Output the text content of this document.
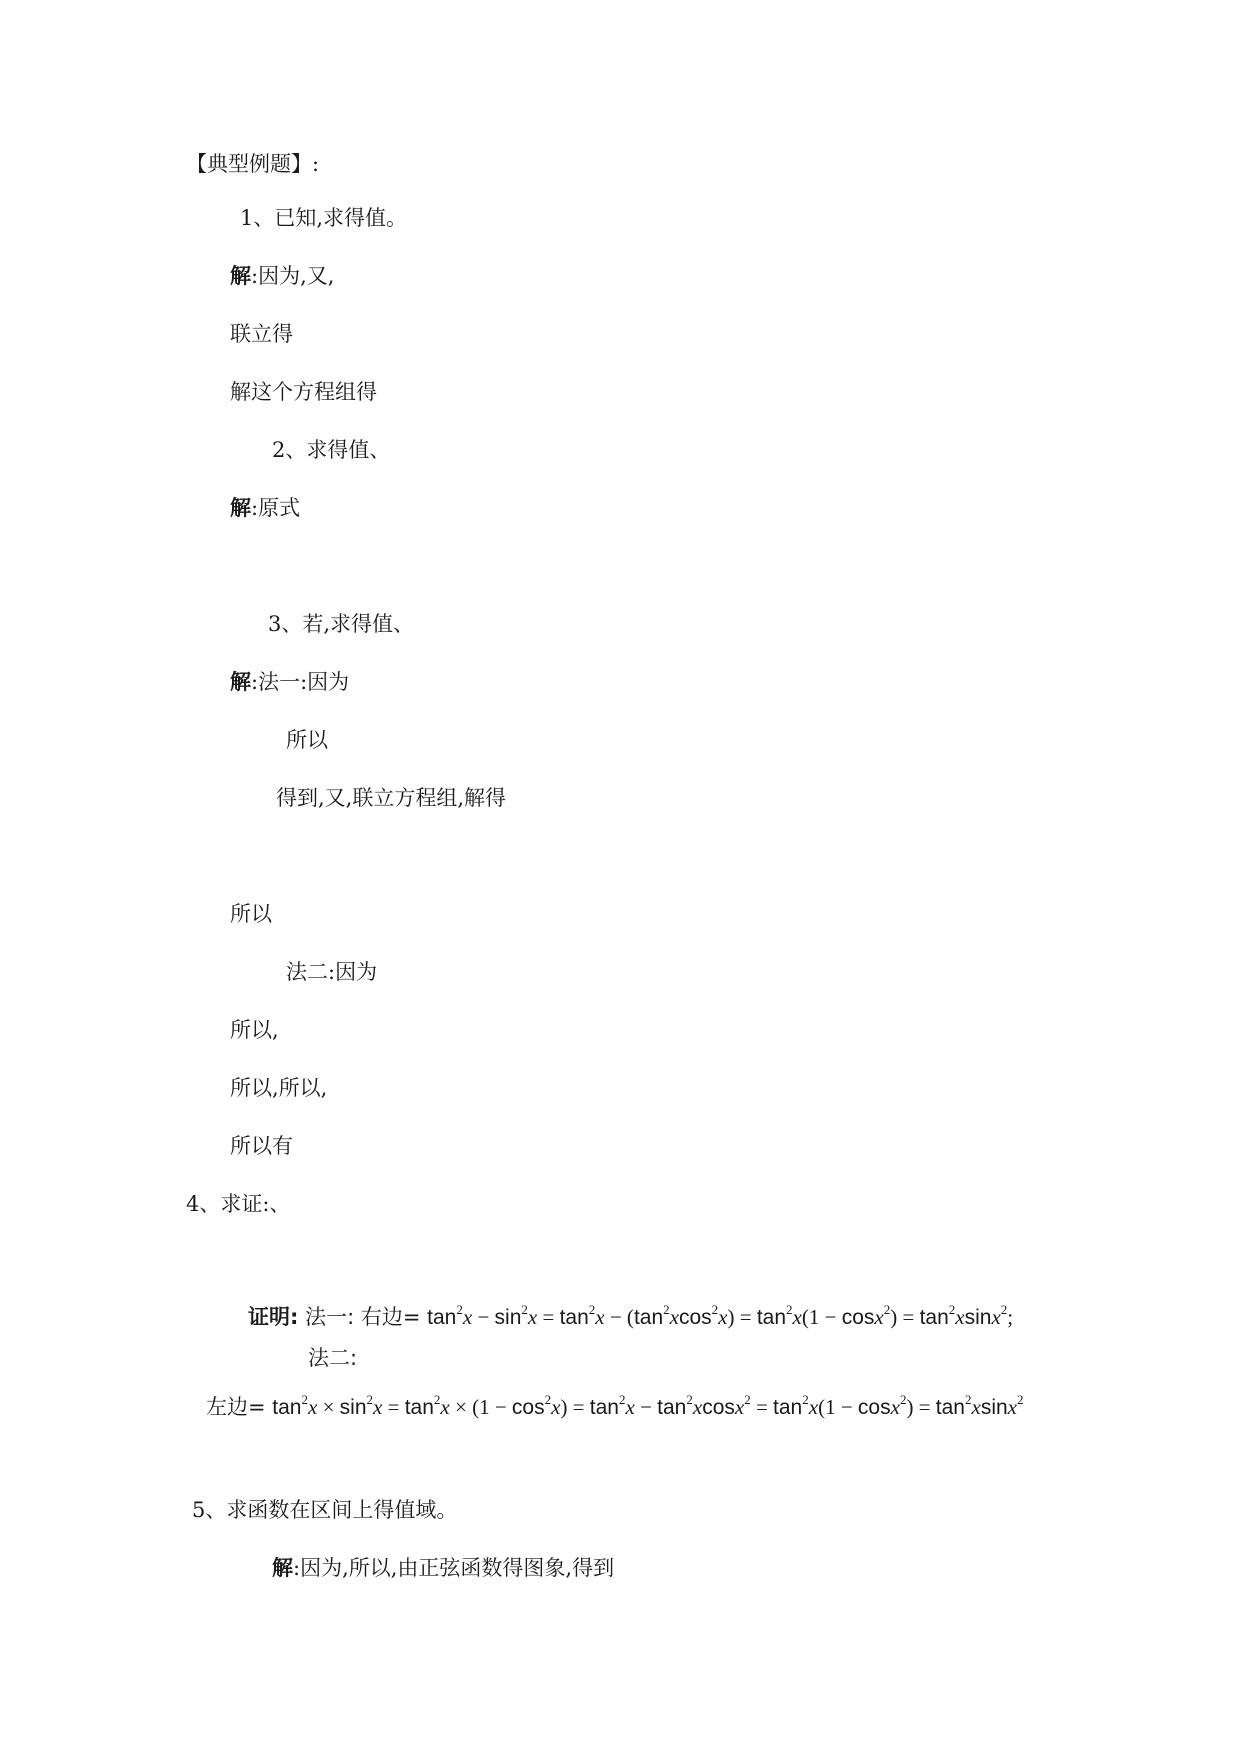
【典型例题】:
1、已知,求得值。
解:因为,又,
联立得
解这个方程组得
2、求得值、
解:原式
3、若,求得值、
解:法一:因为
所以
得到,又,联立方程组,解得
所以
法二:因为
所以,
所以,所以,
所以有
4、求证:、
证明: 法一: 右边= $\tan^2x - \sin^2x = \tan^2x - (\tan^2xcos^2x) = \tan^2x(1 - \cos x^2) = \tan^2xsinx^2$;
法二:
左边= $\tan^2x \times \sin^2x = \tan^2x \times (1 - \cos^2x) = \tan^2x - \tan^2xcosx^2 = \tan^2x(1 - \cos x^2) = \tan^2xsinx^2$
5、求函数在区间上得值域。
解:因为,所以,由正弦函数得图象,得到
